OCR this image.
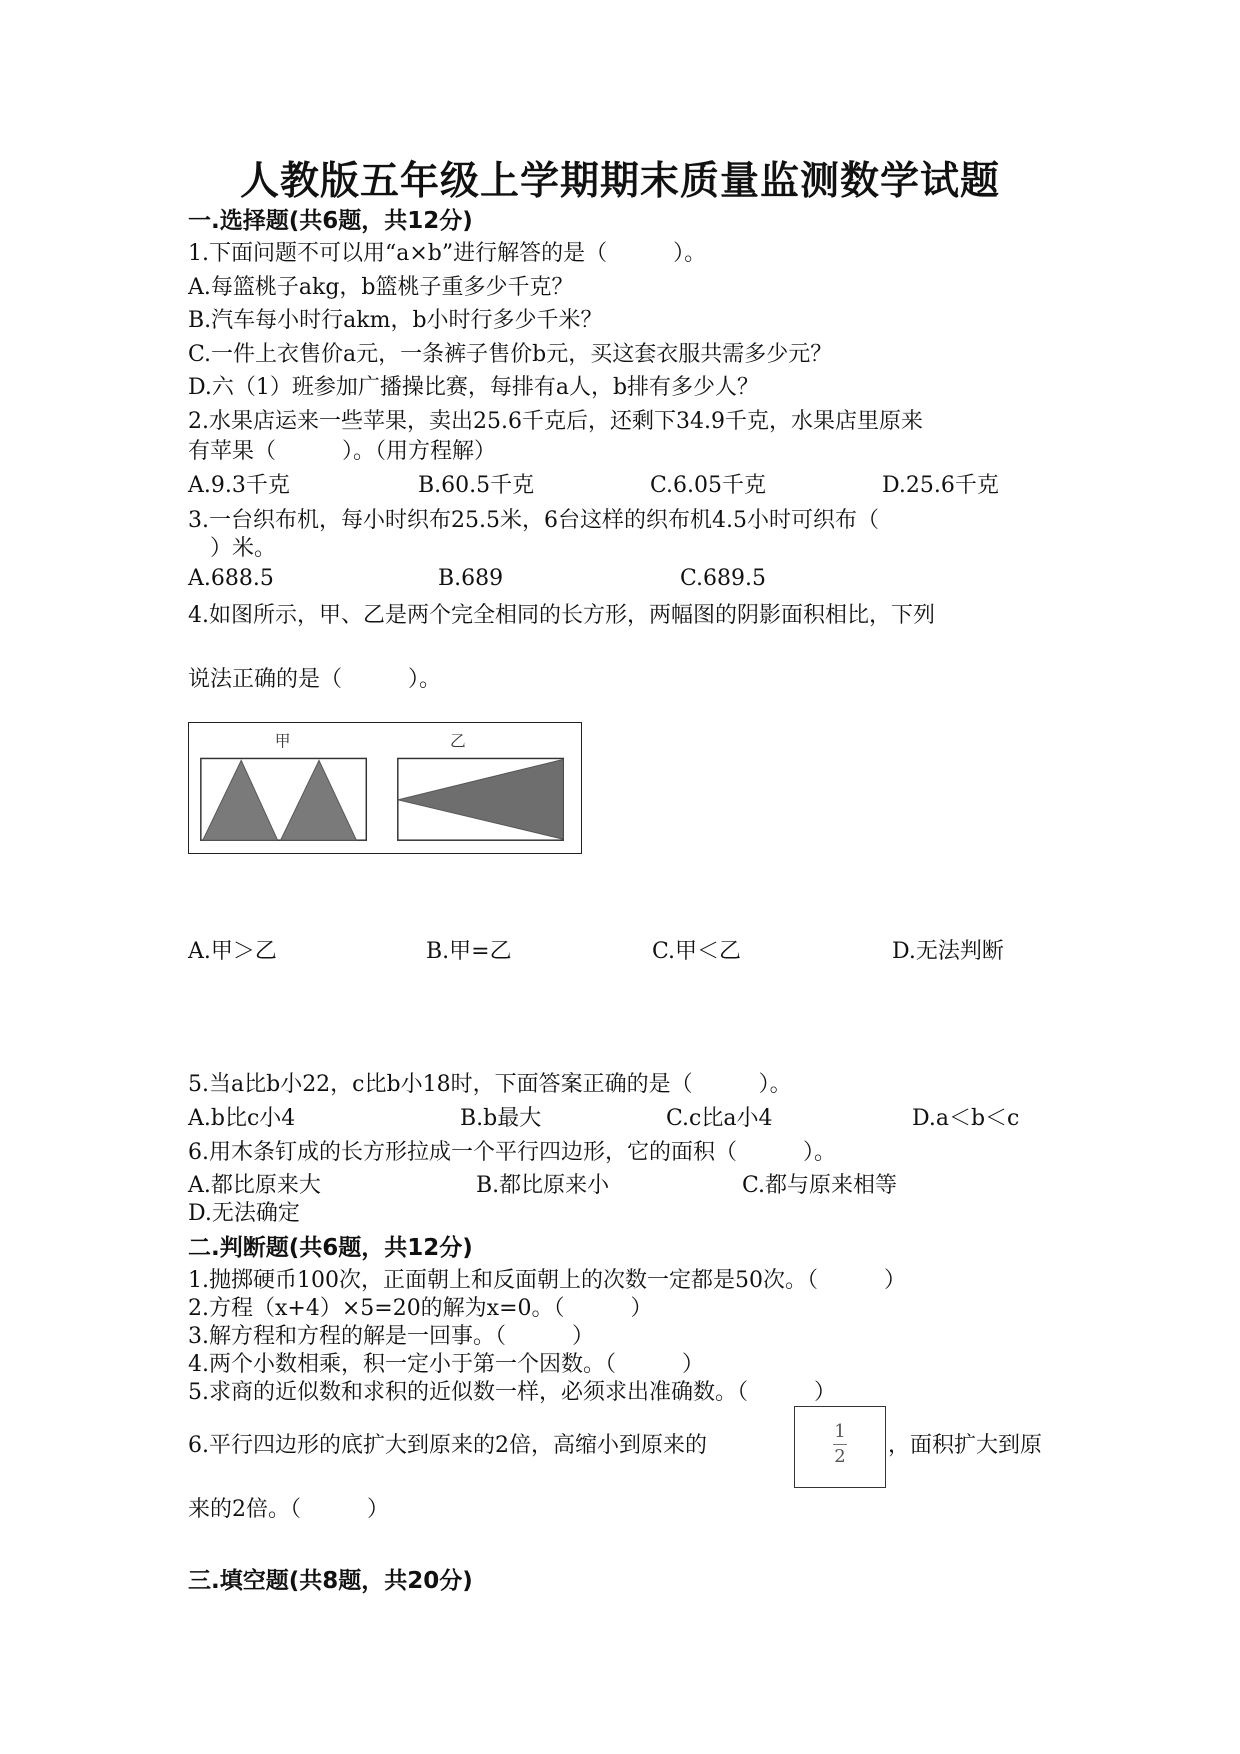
人教版五年级上学期期末质量监测数学试题
一.选择题(共6题，共12分)
1.下面问题不可以用“a×b”进行解答的是（　　　）。
A.每篮桃子akg，b篮桃子重多少千克？
B.汽车每小时行akm，b小时行多少千米？
C.一件上衣售价a元，一条裤子售价b元，买这套衣服共需多少元？
D.六（1）班参加广播操比赛，每排有a人，b排有多少人？
2.水果店运来一些苹果，卖出25.6千克后，还剩下34.9千克，水果店里原来
有苹果（　　　）。（用方程解）
A.9.3千克	B.60.5千克	C.6.05千克	D.25.6千克
3.一台织布机，每小时织布25.5米，6台这样的织布机4.5小时可织布（
　）米。
A.688.5	B.689	C.689.5
4.如图所示，甲、乙是两个完全相同的长方形，两幅图的阴影面积相比，下列
说法正确的是（　　　）。
甲	乙
A.甲＞乙	B.甲=乙	C.甲＜乙	D.无法判断
5.当a比b小22，c比b小18时，下面答案正确的是（　　　）。
A.b比c小4	B.b最大	C.c比a小4	D.a＜b＜c
6.用木条钉成的长方形拉成一个平行四边形，它的面积（　　　）。
A.都比原来大	B.都比原来小	C.都与原来相等
D.无法确定
二.判断题(共6题，共12分)
1.抛掷硬币100次，正面朝上和反面朝上的次数一定都是50次。（　　　）
2.方程（x+4）×5=20的解为x=0。（　　　）
3.解方程和方程的解是一回事。（　　　）
4.两个小数相乘，积一定小于第一个因数。（　　　）
5.求商的近似数和求积的近似数一样，必须求出准确数。（　　　）
6.平行四边形的底扩大到原来的2倍，高缩小到原来的
1
2	，面积扩大到原
来的2倍。（　　　）
三.填空题(共8题，共20分)
